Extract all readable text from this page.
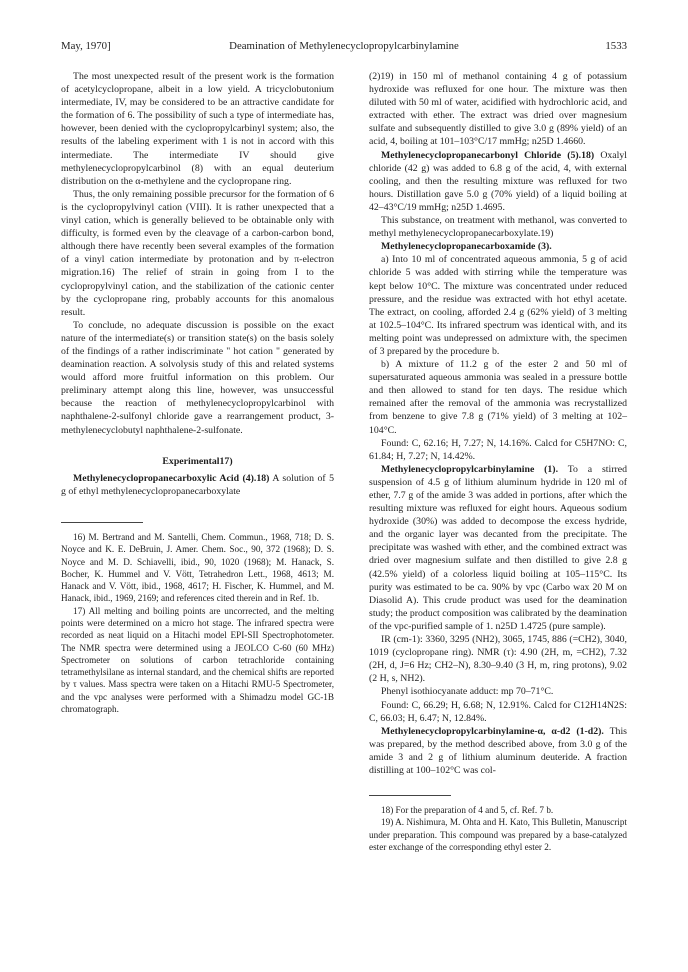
May, 1970]	Deamination of Methylenecyclopropylcarbinylamine	1533

The most unexpected result of the present work is the formation of acetylcyclopropane, albeit in a low yield. A tricyclobutonium intermediate, IV, may be considered to be an attractive candidate for the formation of 6. The possibility of such a type of intermediate has, however, been denied with the cyclopropylcarbinyl system; also, the results of the labeling experiment with 1 is not in accord with this intermediate. The intermediate IV should give methylenecyclopropylcarbinol (8) with an equal deuterium distribution on the α-methylene and the cyclopropane ring.

Thus, the only remaining possible precursor for the formation of 6 is the cyclopropylvinyl cation (VIII). It is rather unexpected that a vinyl cation, which is generally believed to be obtainable only with difficulty, is formed even by the cleavage of a carbon-carbon bond, although there have recently been several examples of the formation of a vinyl cation intermediate by protonation and by π-electron migration.16) The relief of strain in going from I to the cyclopropylvinyl cation, and the stabilization of the cationic center by the cyclopropane ring, probably accounts for this anomalous result.

To conclude, no adequate discussion is possible on the exact nature of the intermediate(s) or transition state(s) on the basis solely of the findings of a rather indiscriminate " hot cation " generated by deamination reaction. A solvolysis study of this and related systems would afford more fruitful information on this problem. Our preliminary attempt along this line, however, was unsuccessful because the reaction of methylenecyclopropylcarbinol with naphthalene-2-sulfonyl chloride gave a rearrangement product, 3-methylenecyclobutyl naphthalene-2-sulfonate.

Experimental17)

Methylenecyclopropanecarboxylic Acid (4).18) A solution of 5 g of ethyl methylenecyclopropanecarboxylate

16) M. Bertrand and M. Santelli, Chem. Commun., 1968, 718; D. S. Noyce and K. E. DeBruin, J. Amer. Chem. Soc., 90, 372 (1968); D. S. Noyce and M. D. Schiavelli, ibid., 90, 1020 (1968); M. Hanack, S. Bocher, K. Hummel and V. Vött, Tetrahedron Lett., 1968, 4613; M. Hanack and V. Vött, ibid., 1968, 4617; H. Fischer, K. Hummel, and M. Hanack, ibid., 1969, 2169; and references cited therein and in Ref. 1b.

17) All melting and boiling points are uncorrected, and the melting points were determined on a micro hot stage. The infrared spectra were recorded as neat liquid on a Hitachi model EPI-SII Spectrophotometer. The NMR spectra were determined using a JEOLCO C-60 (60 MHz) Spectrometer on solutions of carbon tetrachloride containing tetramethylsilane as internal standard, and the chemical shifts are reported by τ values. Mass spectra were taken on a Hitachi RMU-5 Spectrometer, and the vpc analyses were performed with a Shimadzu model GC-1B chromatograph.

(2)19) in 150 ml of methanol containing 4 g of potassium hydroxide was refluxed for one hour. The mixture was then diluted with 50 ml of water, acidified with hydrochloric acid, and extracted with ether. The extract was dried over magnesium sulfate and subsequently distilled to give 3.0 g (89% yield) of an acid, 4, boiling at 101–103°C/17 mmHg; n25D 1.4660.

Methylenecyclopropanecarbonyl Chloride (5).18) Oxalyl chloride (42 g) was added to 6.8 g of the acid, 4, with external cooling, and then the resulting mixture was refluxed for two hours. Distillation gave 5.0 g (70% yield) of a liquid boiling at 42–43°C/19 mmHg; n25D 1.4695.

This substance, on treatment with methanol, was converted to methyl methylenecyclopropanecarboxylate.19)

Methylenecyclopropanecarboxamide (3).

a) Into 10 ml of concentrated aqueous ammonia, 5 g of acid chloride 5 was added with stirring while the temperature was kept below 10°C. The mixture was concentrated under reduced pressure, and the residue was extracted with hot ethyl acetate. The extract, on cooling, afforded 2.4 g (62% yield) of 3 melting at 102.5–104°C. Its infrared spectrum was identical with, and its melting point was undepressed on admixture with, the specimen of 3 prepared by the procedure b.

b) A mixture of 11.2 g of the ester 2 and 50 ml of supersaturated aqueous ammonia was sealed in a pressure bottle and then allowed to stand for ten days. The residue which remained after the removal of the ammonia was recrystallized from benzene to give 7.8 g (71% yield) of 3 melting at 102–104°C.

Found: C, 62.16; H, 7.27; N, 14.16%. Calcd for C5H7NO: C, 61.84; H, 7.27; N, 14.42%.

Methylenecyclopropylcarbinylamine (1). To a stirred suspension of 4.5 g of lithium aluminum hydride in 120 ml of ether, 7.7 g of the amide 3 was added in portions, after which the resulting mixture was refluxed for eight hours. Aqueous sodium hydroxide (30%) was added to decompose the excess hydride, and the organic layer was decanted from the precipitate. The precipitate was washed with ether, and the combined extract was dried over magnesium sulfate and then distilled to give 2.8 g (42.5% yield) of a colorless liquid boiling at 105–115°C. Its purity was estimated to be ca. 90% by vpc (Carbo wax 20 M on Diasolid A). This crude product was used for the deamination study; the product composition was calibrated by the deamination of the vpc-purified sample of 1. n25D 1.4725 (pure sample).

IR (cm-1): 3360, 3295 (NH2), 3065, 1745, 886 (=CH2), 3040, 1019 (cyclopropane ring). NMR (τ): 4.90 (2H, m, =CH2), 7.32 (2H, d, J=6 Hz; CH2–N), 8.30–9.40 (3 H, m, ring protons), 9.02 (2 H, s, NH2).

Phenyl isothiocyanate adduct: mp 70–71°C.

Found: C, 66.29; H, 6.68; N, 12.91%. Calcd for C12H14N2S: C, 66.03; H, 6.47; N, 12.84%.

Methylenecyclopropylcarbinylamine-α, α-d2 (1-d2). This was prepared, by the method described above, from 3.0 g of the amide 3 and 2 g of lithium aluminum deuteride. A fraction distilling at 100–102°C was col-

18) For the preparation of 4 and 5, cf. Ref. 7 b.

19) A. Nishimura, M. Ohta and H. Kato, This Bulletin, Manuscript under preparation. This compound was prepared by a base-catalyzed ester exchange of the corresponding ethyl ester 2.
